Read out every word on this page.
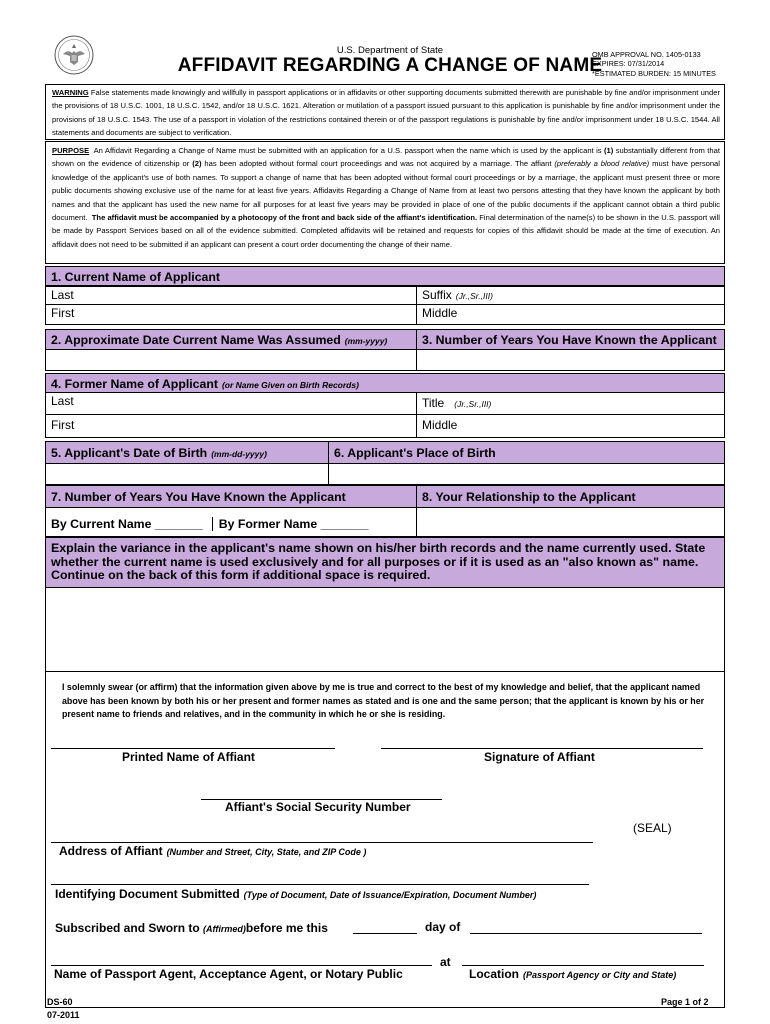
U.S. Department of State
AFFIDAVIT REGARDING A CHANGE OF NAME
OMB APPROVAL NO. 1405-0133
EXPIRES: 07/31/2014
*ESTIMATED BURDEN: 15 MINUTES
WARNING False statements made knowingly and willfully in passport applications or in affidavits or other supporting documents submitted therewith are punishable by fine and/or imprisonment under the provisions of 18 U.S.C. 1001, 18 U.S.C. 1542, and/or 18 U.S.C. 1621. Alteration or mutilation of a passport issued pursuant to this application is punishable by fine and/or imprisonment under the provisions of 18 U.S.C. 1543. The use of a passport in violation of the restrictions contained therein or of the passport regulations is punishable by fine and/or imprisonment under 18 U.S.C. 1544. All statements and documents are subject to verification.
PURPOSE An Affidavit Regarding a Change of Name must be submitted with an application for a U.S. passport when the name which is used by the applicant is (1) substantially different from that shown on the evidence of citizenship or (2) has been adopted without formal court proceedings and was not acquired by a marriage. The affiant (preferably a blood relative) must have personal knowledge of the applicant's use of both names. To support a change of name that has been adopted without formal court proceedings or by a marriage, the applicant must present three or more public documents showing exclusive use of the name for at least five years. Affidavits Regarding a Change of Name from at least two persons attesting that they have known the applicant by both names and that the applicant has used the new name for all purposes for at least five years may be provided in place of one of the public documents if the applicant cannot obtain a third public document. The affidavit must be accompanied by a photocopy of the front and back side of the affiant's identification. Final determination of the name(s) to be shown in the U.S. passport will be made by Passport Services based on all of the evidence submitted. Completed affidavits will be retained and requests for copies of this affidavit should be made at the time of execution. An affidavit does not need to be submitted if an applicant can present a court order documenting the change of their name.
1. Current Name of Applicant
Last	Suffix (Jr.,Sr.,III)
First	Middle
2. Approximate Date Current Name Was Assumed (mm-yyyy)	3. Number of Years You Have Known the Applicant
4. Former Name of Applicant (or Name Given on Birth Records)
Last	Title (Jr.,Sr.,III)
First	Middle
5. Applicant's Date of Birth (mm-dd-yyyy)	6. Applicant's Place of Birth
7. Number of Years You Have Known the Applicant	8. Your Relationship to the Applicant
By Current Name _______ By Former Name _______
Explain the variance in the applicant's name shown on his/her birth records and the name currently used. State whether the current name is used exclusively and for all purposes or if it is used as an "also known as" name. Continue on the back of this form if additional space is required.
I solemnly swear (or affirm) that the information given above by me is true and correct to the best of my knowledge and belief, that the applicant named above has been known by both his or her present and former names as stated and is one and the same person; that the applicant is known by his or her present name to friends and relatives, and in the community in which he or she is residing.
Printed Name of Affiant	Signature of Affiant
Affiant's Social Security Number
(SEAL)
Address of Affiant (Number and Street, City, State, and ZIP Code )
Identifying Document Submitted (Type of Document, Date of Issuance/Expiration, Document Number)
Subscribed and Sworn to (Affirmed)before me this	day of
at
Name of Passport Agent, Acceptance Agent, or Notary Public	Location (Passport Agency or City and State)
DS-60
07-2011
Page 1 of 2
